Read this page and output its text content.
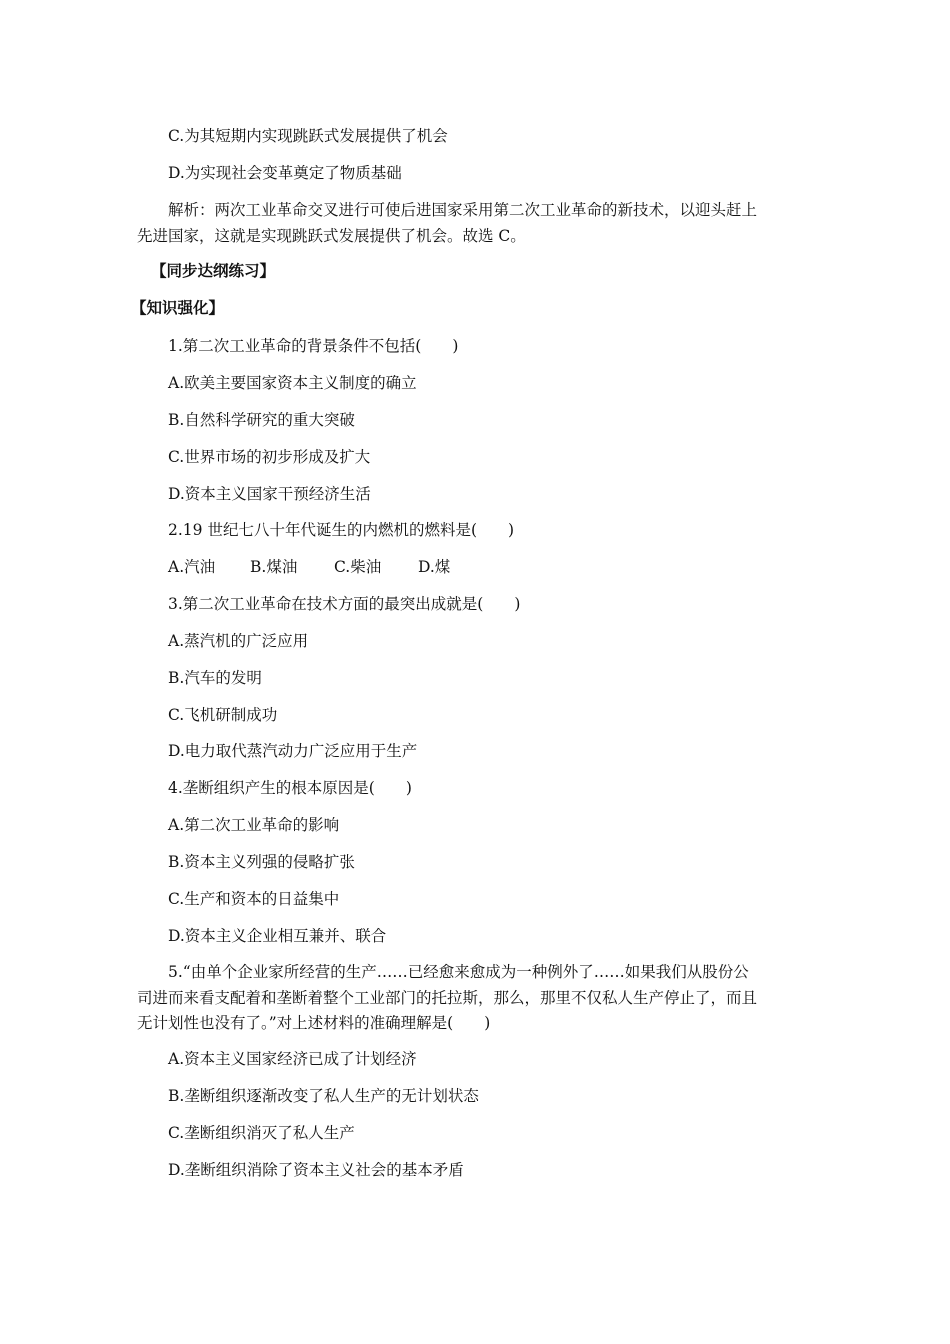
C.为其短期内实现跳跃式发展提供了机会
D.为实现社会变革奠定了物质基础
解析：两次工业革命交叉进行可使后进国家采用第二次工业革命的新技术，以迎头赶上
先进国家，这就是实现跳跃式发展提供了机会。故选 C。
【同步达纲练习】
【知识强化】
1.第二次工业革命的背景条件不包括(　　)
A.欧美主要国家资本主义制度的确立
B.自然科学研究的重大突破
C.世界市场的初步形成及扩大
D.资本主义国家干预经济生活
2.19 世纪七八十年代诞生的内燃机的燃料是(　　)
A.汽油 B.煤油 C.柴油 D.煤
3.第二次工业革命在技术方面的最突出成就是(　　)
A.蒸汽机的广泛应用
B.汽车的发明
C.飞机研制成功
D.电力取代蒸汽动力广泛应用于生产
4.垄断组织产生的根本原因是(　　)
A.第二次工业革命的影响
B.资本主义列强的侵略扩张
C.生产和资本的日益集中
D.资本主义企业相互兼并、联合
5.“由单个企业家所经营的生产……已经愈来愈成为一种例外了……如果我们从股份公
司进而来看支配着和垄断着整个工业部门的托拉斯，那么，那里不仅私人生产停止了，而且
无计划性也没有了。”对上述材料的准确理解是(　　)
A.资本主义国家经济已成了计划经济
B.垄断组织逐渐改变了私人生产的无计划状态
C.垄断组织消灭了私人生产
D.垄断组织消除了资本主义社会的基本矛盾
